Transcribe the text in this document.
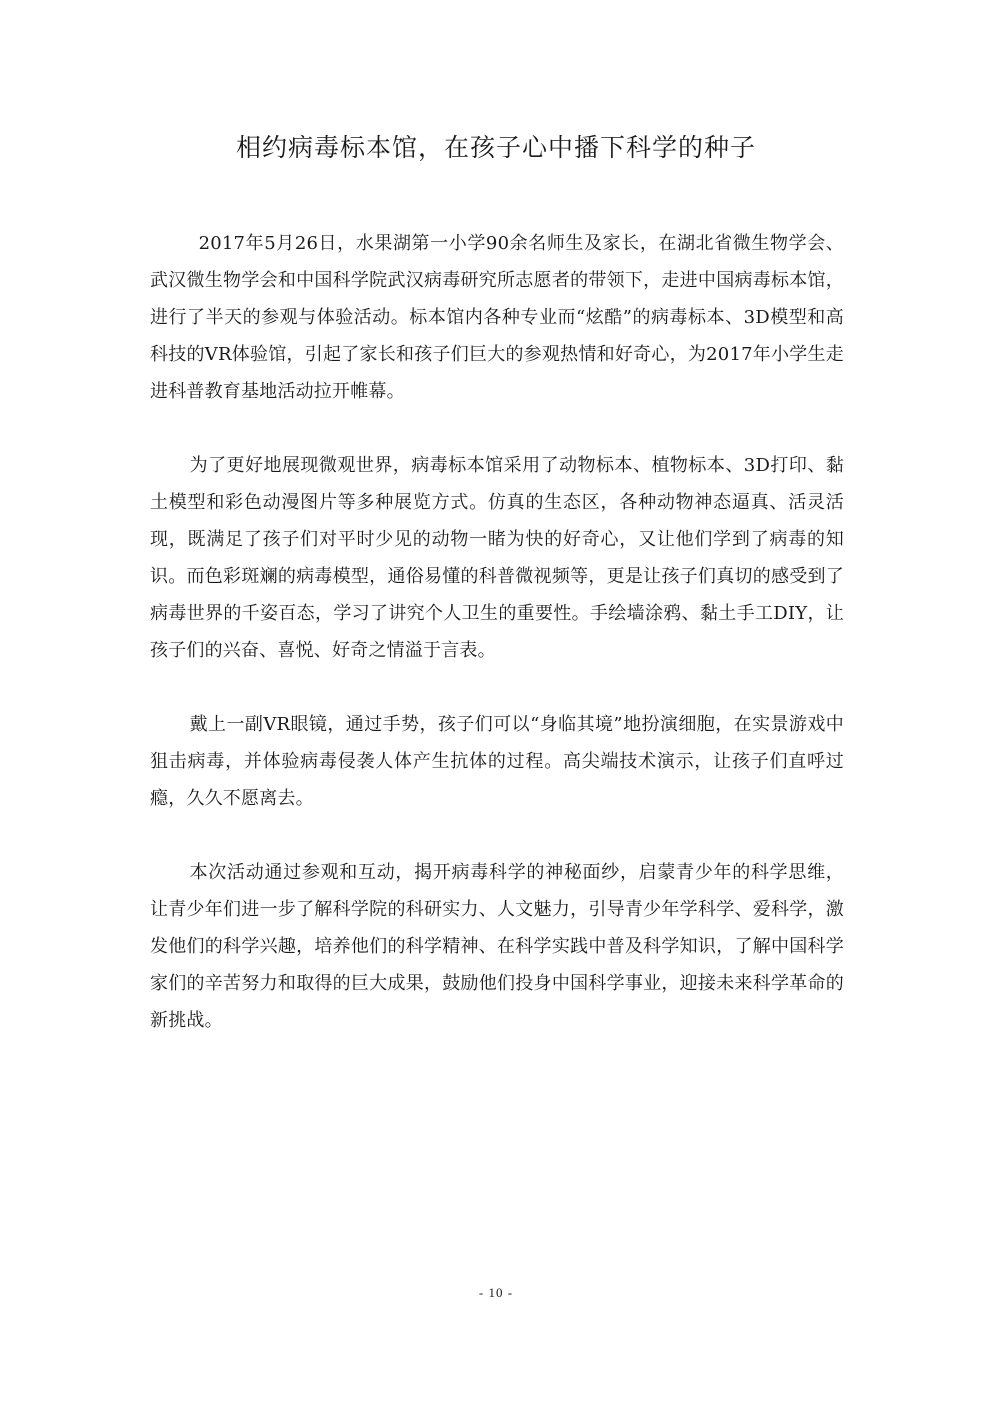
相约病毒标本馆，在孩子心中播下科学的种子

2017年5月26日，水果湖第一小学90余名师生及家长，在湖北省微生物学会、武汉微生物学会和中国科学院武汉病毒研究所志愿者的带领下，走进中国病毒标本馆，进行了半天的参观与体验活动。标本馆内各种专业而“炫酷”的病毒标本、3D模型和高科技的VR体验馆，引起了家长和孩子们巨大的参观热情和好奇心，为2017年小学生走进科普教育基地活动拉开帷幕。

为了更好地展现微观世界，病毒标本馆采用了动物标本、植物标本、3D打印、黏土模型和彩色动漫图片等多种展览方式。仿真的生态区，各种动物神态逼真、活灵活现，既满足了孩子们对平时少见的动物一睹为快的好奇心，又让他们学到了病毒的知识。而色彩斑斓的病毒模型，通俗易懂的科普微视频等，更是让孩子们真切的感受到了病毒世界的千姿百态，学习了讲究个人卫生的重要性。手绘墙涂鸦、黏土手工DIY，让孩子们的兴奋、喜悦、好奇之情溢于言表。

戴上一副VR眼镜，通过手势，孩子们可以“身临其境”地扮演细胞，在实景游戏中狙击病毒，并体验病毒侵袭人体产生抗体的过程。高尖端技术演示，让孩子们直呼过瘾，久久不愿离去。

本次活动通过参观和互动，揭开病毒科学的神秘面纱，启蒙青少年的科学思维，让青少年们进一步了解科学院的科研实力、人文魅力，引导青少年学科学、爱科学，激发他们的科学兴趣，培养他们的科学精神、在科学实践中普及科学知识，了解中国科学家们的辛苦努力和取得的巨大成果，鼓励他们投身中国科学事业，迎接未来科学革命的新挑战。

- 10 -
